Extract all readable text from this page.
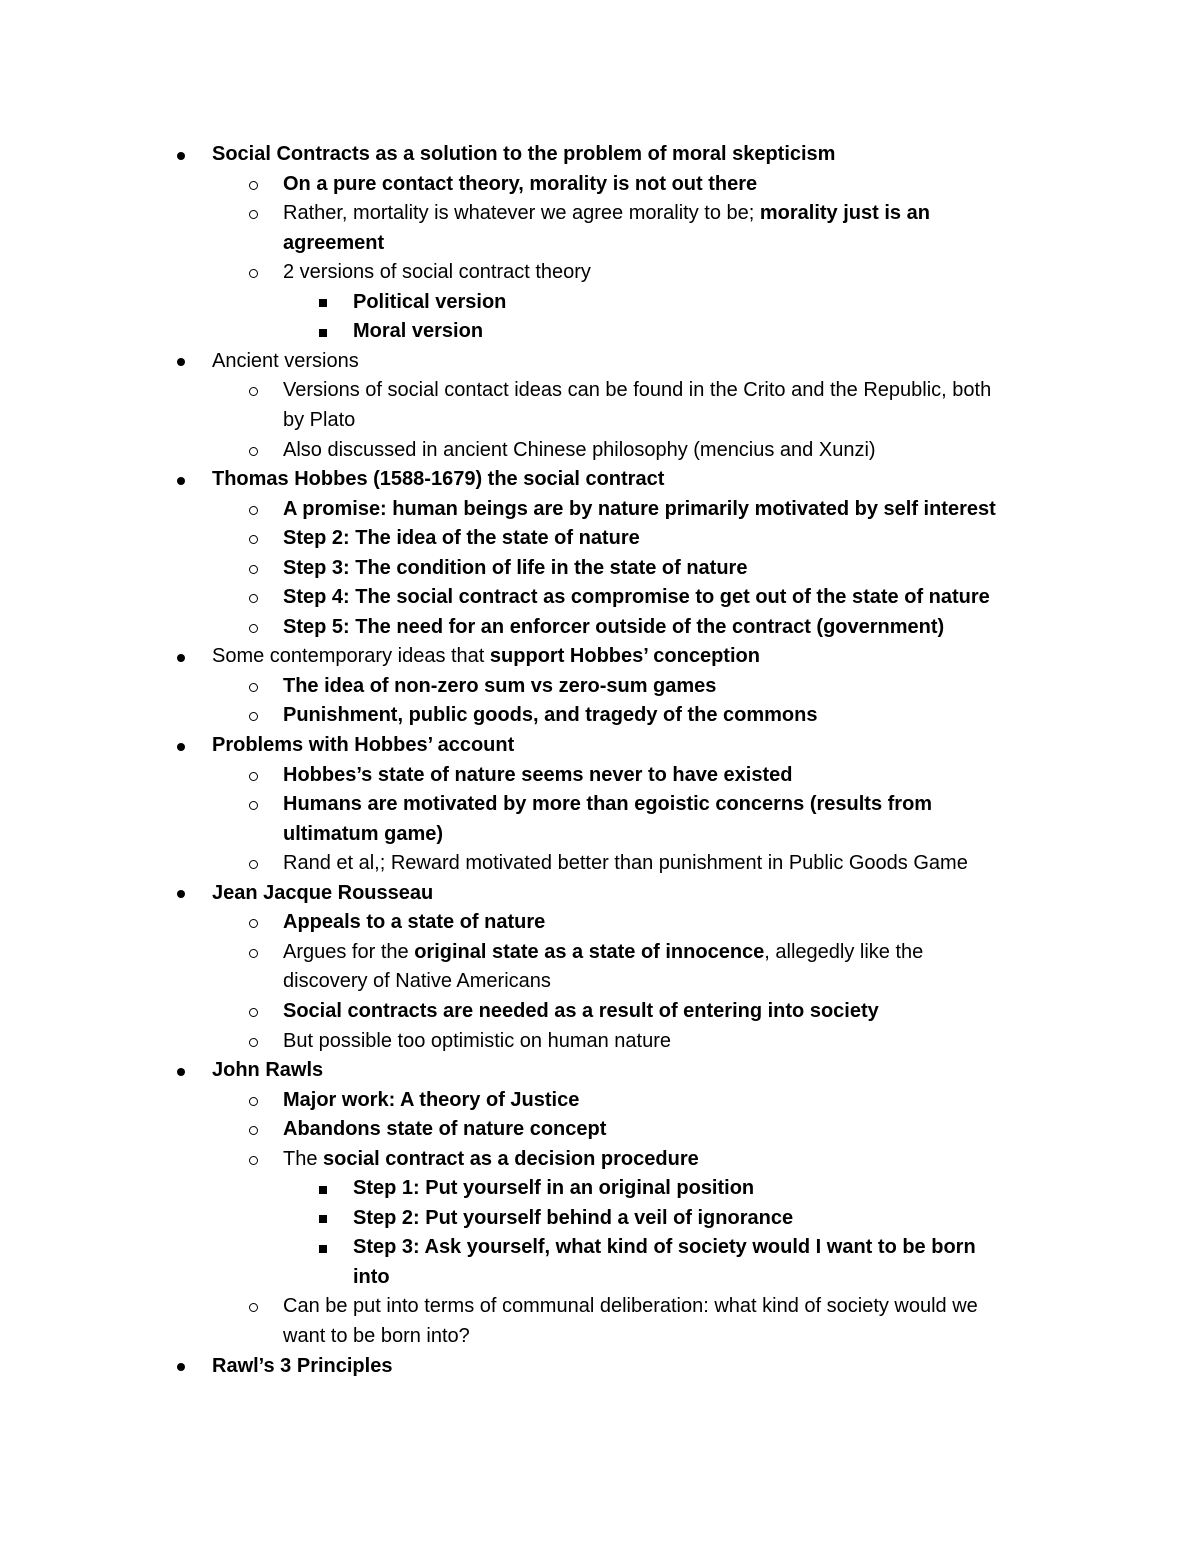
Social Contracts as a solution to the problem of moral skepticism
On a pure contact theory, morality is not out there
Rather, mortality is whatever we agree morality to be; morality just is an
agreement
2 versions of social contract theory
Political version
Moral version
Ancient versions
Versions of social contact ideas can be found in the Crito and the Republic, both
by Plato
Also discussed in ancient Chinese philosophy (mencius and Xunzi)
Thomas Hobbes (1588-1679) the social contract
A promise: human beings are by nature primarily motivated by self interest
Step 2: The idea of the state of nature
Step 3: The condition of life in the state of nature
Step 4: The social contract as compromise to get out of the state of nature
Step 5: The need for an enforcer outside of the contract (government)
Some contemporary ideas that support Hobbes’ conception
The idea of non-zero sum vs zero-sum games
Punishment, public goods, and tragedy of the commons
Problems with Hobbes’ account
Hobbes’s state of nature seems never to have existed
Humans are motivated by more than egoistic concerns (results from
ultimatum game)
Rand et al,; Reward motivated better than punishment in Public Goods Game
Jean Jacque Rousseau
Appeals to a state of nature
Argues for the original state as a state of innocence, allegedly like the
discovery of Native Americans
Social contracts are needed as a result of entering into society
But possible too optimistic on human nature
John Rawls
Major work: A theory of Justice
Abandons state of nature concept
The social contract as a decision procedure
Step 1: Put yourself in an original position
Step 2: Put yourself behind a veil of ignorance
Step 3: Ask yourself, what kind of society would I want to be born
into
Can be put into terms of communal deliberation: what kind of society would we
want to be born into?
Rawl’s 3 Principles
